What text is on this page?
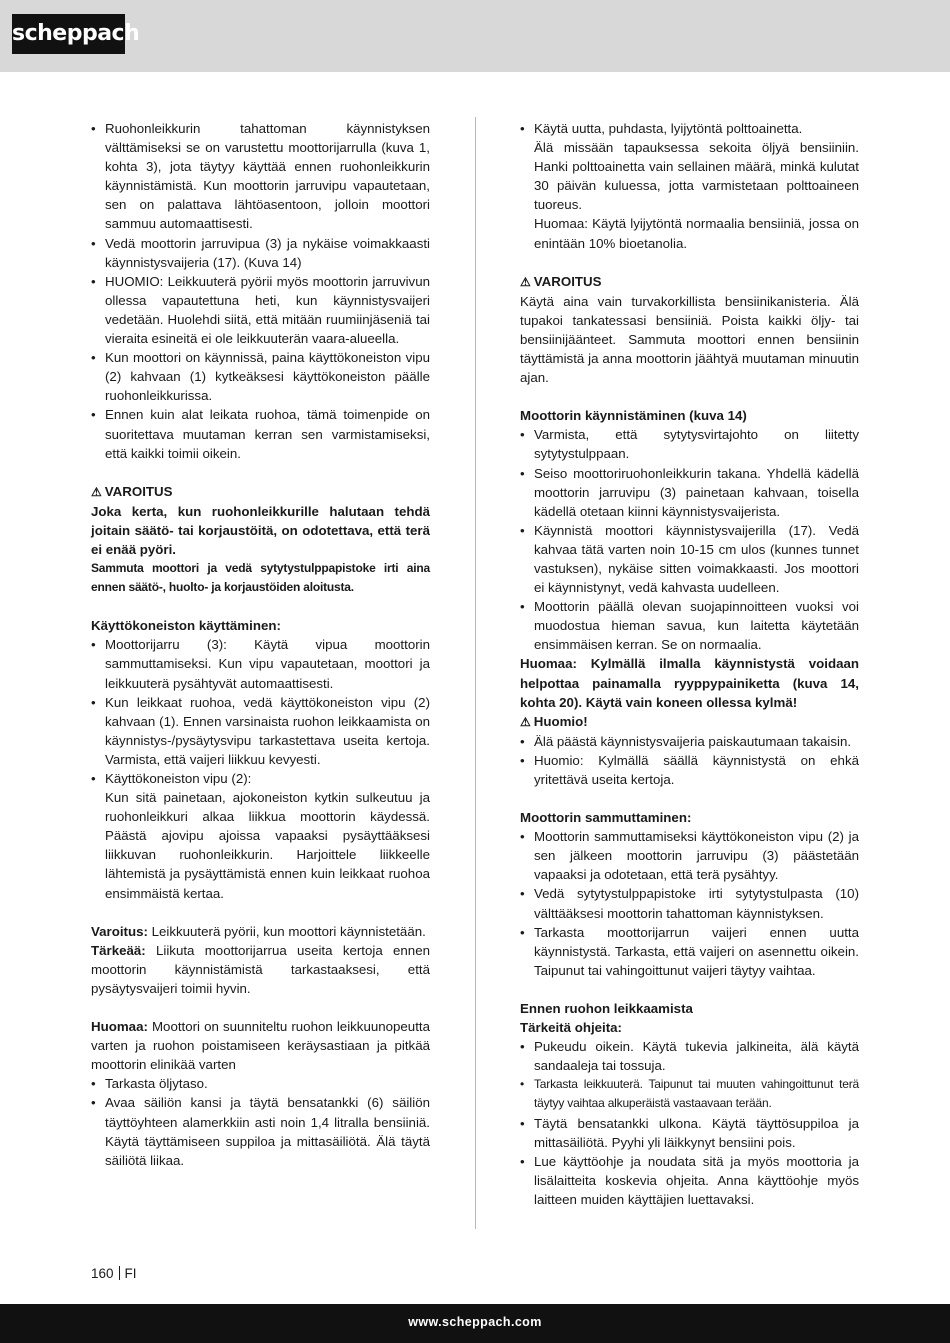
scheppach
• Ruohonleikkurin tahattoman käynnistyksen välttämiseksi se on varustettu moottorijarrulla (kuva 1, kohta 3), jota täytyy käyttää ennen ruohonleikkurin käynnistämistä. Kun moottorin jarruvipu vapautetaan, sen on palattava lähtöasentoon, jolloin moottori sammuu automaattisesti.
• Vedä moottorin jarruvipua (3) ja nykäise voimakkaasti käynnistysvaijeria (17). (Kuva 14)
• HUOMIO: Leikkuuterä pyörii myös moottorin jarruvivun ollessa vapautettuna heti, kun käynnistysvaijeri vedetään. Huolehdi siitä, että mitään ruumiinjäseniä tai vieraita esineitä ei ole leikkuuterän vaara-alueella.
• Kun moottori on käynnissä, paina käyttökoneiston vipu (2) kahvaan (1) kytkeäksesi käyttökoneiston päälle ruohonleikkurissa.
• Ennen kuin alat leikata ruohoa, tämä toimenpide on suoritettava muutaman kerran sen varmistamiseksi, että kaikki toimii oikein.

⚠ VAROITUS

Joka kerta, kun ruohonleikkurille halutaan tehdä joitain säätö- tai korjaustöitä, on odotettava, että terä ei enää pyöri.

Sammuta moottori ja vedä sytytystulppapistoke irti aina ennen säätö-, huolto- ja korjaustöiden aloitusta.

Käyttökoneiston käyttäminen:

• Moottorijarru (3): Käytä vipua moottorin sammuttamiseksi. Kun vipu vapautetaan, moottori ja leikkuuterä pysähtyvät automaattisesti.
• Kun leikkaat ruohoa, vedä käyttökoneiston vipu (2) kahvaan (1). Ennen varsinaista ruohon leikkaamista on käynnistys-/pysäytysvipu tarkastettava useita kertoja. Varmista, että vaijeri liikkuu kevyesti.
• Käyttökoneiston vipu (2):

Kun sitä painetaan, ajokoneiston kytkin sulkeutuu ja ruohonleikkuri alkaa liikkua moottorin käydessä. Päästä ajovipu ajoissa vapaaksi pysäyttääksesi liikkuvan ruohonleikkurin. Harjoittele liikkeelle lähtemistä ja pysäyttämistä ennen kuin leikkaat ruohoa ensimmäistä kertaa.

Varoitus: Leikkuuterä pyörii, kun moottori käynnistetään.

Tärkeää: Liikuta moottorijarrua useita kertoja ennen moottorin käynnistämistä tarkastaaksesi, että pysäytysvaijeri toimii hyvin.

Huomaa: Moottori on suunniteltu ruohon leikkuunopeutta varten ja ruohon poistamiseen keräysastiaan ja pitkää moottorin elinikää varten

• Tarkasta öljytaso.
• Avaa säiliön kansi ja täytä bensatankki (6) säiliön täyttöyhteen alamerkkiin asti noin 1,4 litralla bensiiniä. Käytä täyttämiseen suppiloa ja mittasäiliötä. Älä täytä säiliötä liikaa.
• Käytä uutta, puhdasta, lyijytöntä polttoainetta.

Älä missään tapauksessa sekoita öljyä bensiiniin. Hanki polttoainetta vain sellainen määrä, minkä kulutat 30 päivän kuluessa, jotta varmistetaan polttoaineen tuoreus.

Huomaa: Käytä lyijytöntä normaalia bensiiniä, jossa on enintään 10% bioetanolia.

⚠ VAROITUS

Käytä aina vain turvakorkillista bensiinikanisteria. Älä tupakoi tankatessasi bensiiniä. Poista kaikki öljy- tai bensiinijäänteet. Sammuta moottori ennen bensiinin täyttämistä ja anna moottorin jäähtyä muutaman minuutin ajan.

Moottorin käynnistäminen (kuva 14)

• Varmista, että sytytysvirtajohto on liitetty sytytystulppaan.
• Seiso moottoriruohonleikkurin takana. Yhdellä kädellä moottorin jarruvipu (3) painetaan kahvaan, toisella kädellä otetaan kiinni käynnistysvaijerista.
• Käynnistä moottori käynnistysvaijerilla (17). Vedä kahvaa tätä varten noin 10-15 cm ulos (kunnes tunnet vastuksen), nykäise sitten voimakkaasti. Jos moottori ei käynnistynyt, vedä kahvasta uudelleen.
• Moottorin päällä olevan suojapinnoitteen vuoksi voi muodostua hieman savua, kun laitetta käytetään ensimmäisen kerran. Se on normaalia.

Huomaa: Kylmällä ilmalla käynnistystä voidaan helpottaa painamalla ryyppypainiketta (kuva 14, kohta 20). Käytä vain koneen ollessa kylmä!

⚠ Huomio!

• Älä päästä käynnistysvaijeria paiskautumaan takaisin.
• Huomio: Kylmällä säällä käynnistystä on ehkä yritettävä useita kertoja.

Moottorin sammuttaminen:

• Moottorin sammuttamiseksi käyttökoneiston vipu (2) ja sen jälkeen moottorin jarruvipu (3) päästetään vapaaksi ja odotetaan, että terä pysähtyy.
• Vedä sytytystulppapistoke irti sytytystulpasta (10) välttääksesi moottorin tahattoman käynnistyksen.
• Tarkasta moottorijarrun vaijeri ennen uutta käynnistystä. Tarkasta, että vaijeri on asennettu oikein. Taipunut tai vahingoittunut vaijeri täytyy vaihtaa.

Ennen ruohon leikkaamista

Tärkeitä ohjeita:

• Pukeudu oikein. Käytä tukevia jalkineita, älä käytä sandaaleja tai tossuja.
• Tarkasta leikkuuterä. Taipunut tai muuten vahingoittunut terä täytyy vaihtaa alkuperäistä vastaavaan terään.
• Täytä bensatankki ulkona. Käytä täyttösuppiloa ja mittasäiliötä. Pyyhi yli läikkynyt bensiini pois.
• Lue käyttöohje ja noudata sitä ja myös moottoria ja lisälaitteita koskevia ohjeita. Anna käyttöohje myös laitteen muiden käyttäjien luettavaksi.
160 FI
www.scheppach.com
